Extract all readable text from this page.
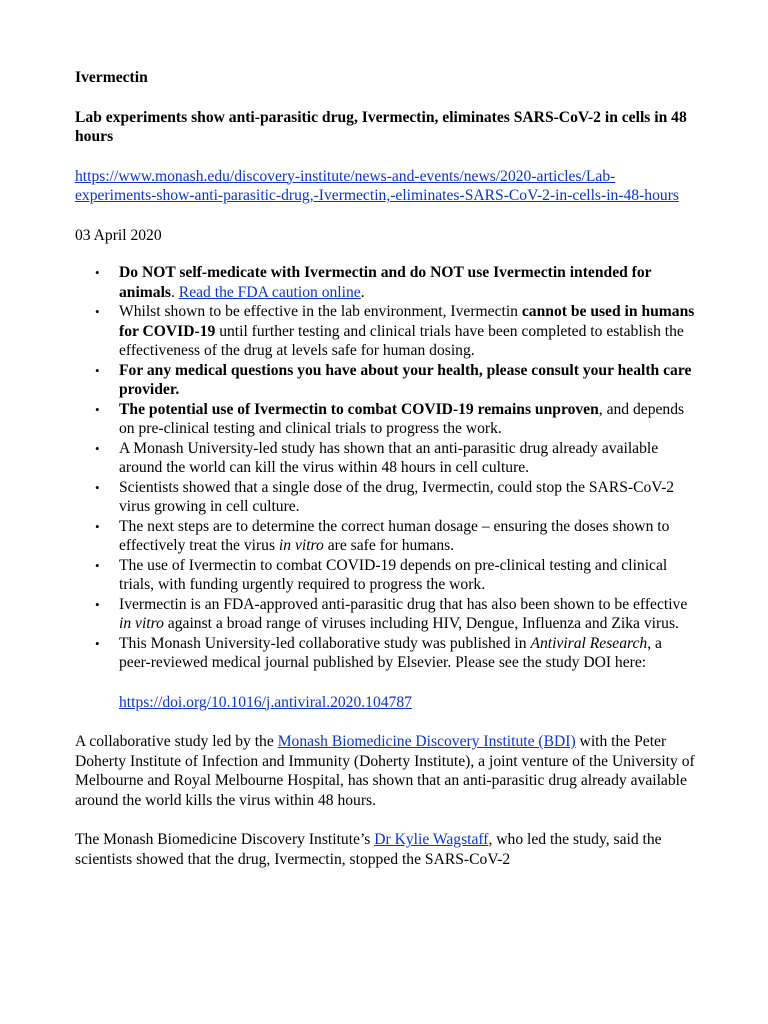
Ivermectin

Lab experiments show anti-parasitic drug, Ivermectin, eliminates SARS-CoV-2 in cells in 48 hours

https://www.monash.edu/discovery-institute/news-and-events/news/2020-articles/Lab-experiments-show-anti-parasitic-drug,-Ivermectin,-eliminates-SARS-CoV-2-in-cells-in-48-hours

03 April 2020

• Do NOT self-medicate with Ivermectin and do NOT use Ivermectin intended for animals. Read the FDA caution online.
• Whilst shown to be effective in the lab environment, Ivermectin cannot be used in humans for COVID-19 until further testing and clinical trials have been completed to establish the effectiveness of the drug at levels safe for human dosing.
• For any medical questions you have about your health, please consult your health care provider.
• The potential use of Ivermectin to combat COVID-19 remains unproven, and depends on pre-clinical testing and clinical trials to progress the work.
• A Monash University-led study has shown that an anti-parasitic drug already available around the world can kill the virus within 48 hours in cell culture.
• Scientists showed that a single dose of the drug, Ivermectin, could stop the SARS-CoV-2 virus growing in cell culture.
• The next steps are to determine the correct human dosage – ensuring the doses shown to effectively treat the virus in vitro are safe for humans.
• The use of Ivermectin to combat COVID-19 depends on pre-clinical testing and clinical trials, with funding urgently required to progress the work.
• Ivermectin is an FDA-approved anti-parasitic drug that has also been shown to be effective in vitro against a broad range of viruses including HIV, Dengue, Influenza and Zika virus.
• This Monash University-led collaborative study was published in Antiviral Research, a peer-reviewed medical journal published by Elsevier. Please see the study DOI here:

https://doi.org/10.1016/j.antiviral.2020.104787

A collaborative study led by the Monash Biomedicine Discovery Institute (BDI) with the Peter Doherty Institute of Infection and Immunity (Doherty Institute), a joint venture of the University of Melbourne and Royal Melbourne Hospital, has shown that an anti-parasitic drug already available around the world kills the virus within 48 hours.

The Monash Biomedicine Discovery Institute’s Dr Kylie Wagstaff, who led the study, said the scientists showed that the drug, Ivermectin, stopped the SARS-CoV-2
